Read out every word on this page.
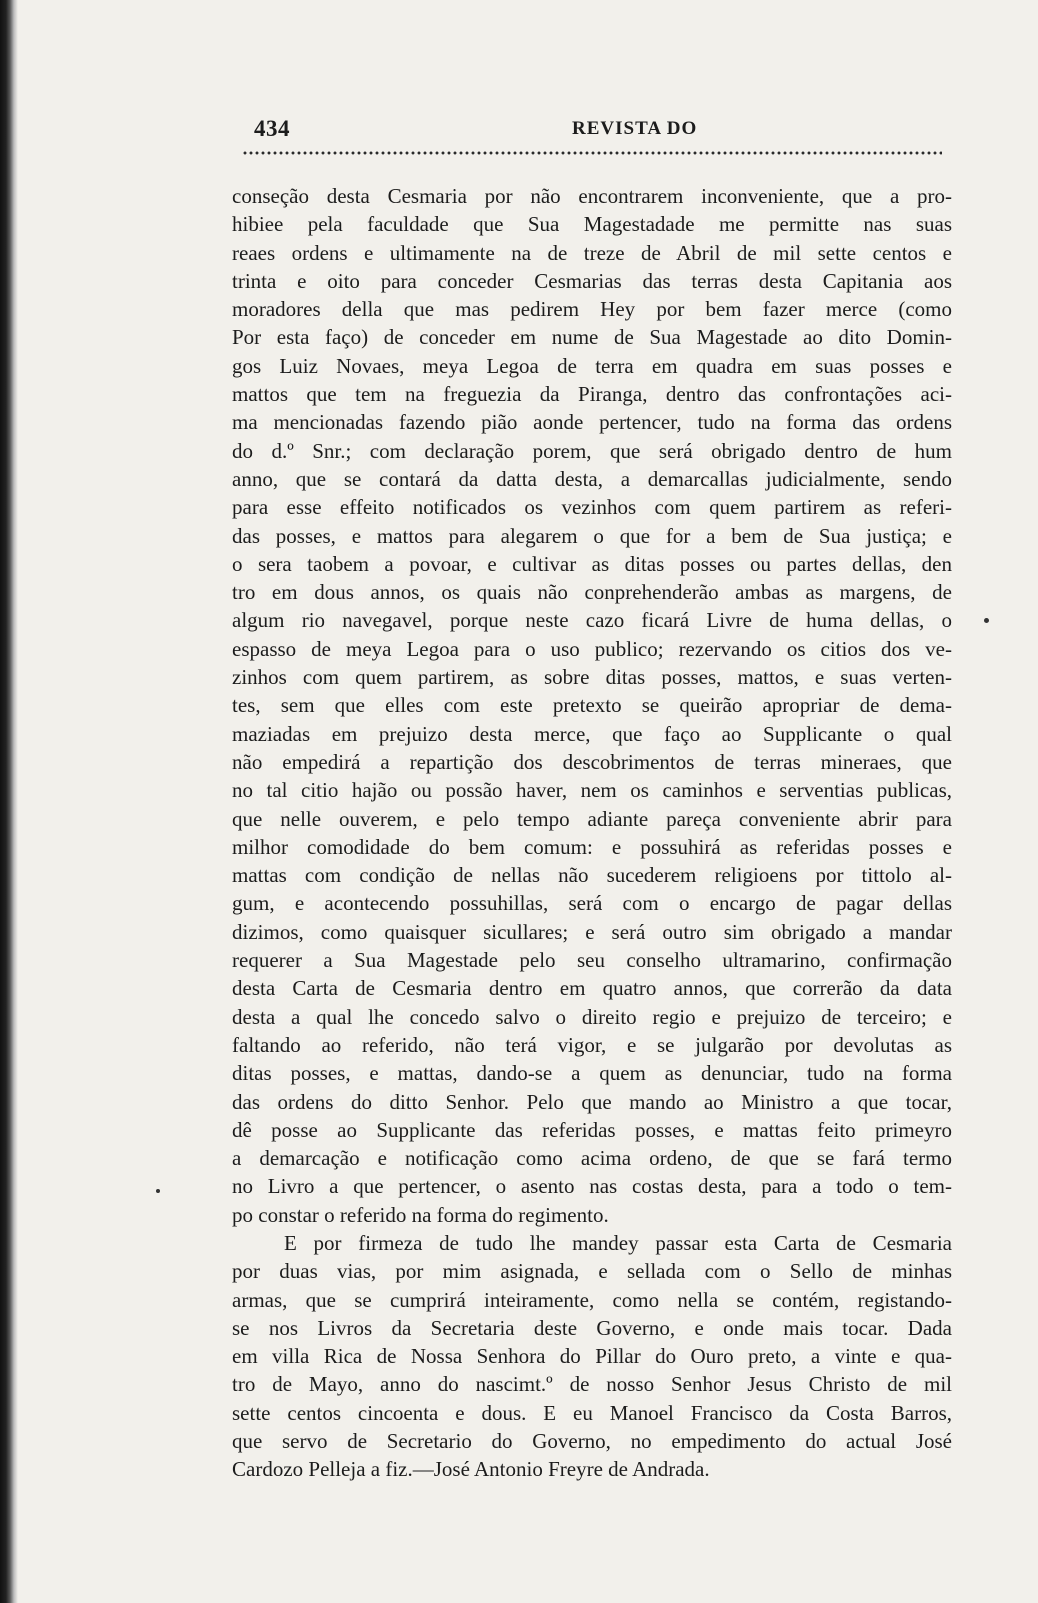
434	REVISTA DO
conseção desta Cesmaria por não encontrarem inconveniente, que a pro-
hibiee pela faculdade que Sua Magestadade me permitte nas suas
reaes ordens e ultimamente na de treze de Abril de mil sette centos e
trinta e oito para conceder Cesmarias das terras desta Capitania aos
moradores della que mas pedirem Hey por bem fazer merce (como
Por esta faço) de conceder em nume de Sua Magestade ao dito Domin-
gos Luiz Novaes, meya Legoa de terra em quadra em suas posses e
mattos que tem na freguezia da Piranga, dentro das confrontações aci-
ma mencionadas fazendo pião aonde pertencer, tudo na forma das ordens
do d.º Snr.; com declaração porem, que será obrigado dentro de hum
anno, que se contará da datta desta, a demarcallas judicialmente, sendo
para esse effeito notificados os vezinhos com quem partirem as referi-
das posses, e mattos para alegarem o que for a bem de Sua justiça; e
o sera taobem a povoar, e cultivar as ditas posses ou partes dellas, den
tro em dous annos, os quais não conprehenderão ambas as margens, de
algum rio navegavel, porque neste cazo ficará Livre de huma dellas, o
espasso de meya Legoa para o uso publico; rezervando os citios dos ve-
zinhos com quem partirem, as sobre ditas posses, mattos, e suas verten-
tes, sem que elles com este pretexto se queirão apropriar de dema-
maziadas em prejuizo desta merce, que faço ao Supplicante o qual
não empedirá a repartição dos descobrimentos de terras mineraes, que
no tal citio hajão ou possão haver, nem os caminhos e serventias publicas,
que nelle ouverem, e pelo tempo adiante pareça conveniente abrir para
milhor comodidade do bem comum: e possuhirá as referidas posses e
mattas com condição de nellas não sucederem religioens por tittolo al-
gum, e acontecendo possuhillas, será com o encargo de pagar dellas
dizimos, como quaisquer sicullares; e será outro sim obrigado a mandar
requerer a Sua Magestade pelo seu conselho ultramarino, confirmação
desta Carta de Cesmaria dentro em quatro annos, que correrão da data
desta a qual lhe concedo salvo o direito regio e prejuizo de terceiro; e
faltando ao referido, não terá vigor, e se julgarão por devolutas as
ditas posses, e mattas, dando-se a quem as denunciar, tudo na forma
das ordens do ditto Senhor. Pelo que mando ao Ministro a que tocar,
dê posse ao Supplicante das referidas posses, e mattas feito primeyro
a demarcação e notificação como acima ordeno, de que se fará termo
no Livro a que pertencer, o asento nas costas desta, para a todo o tem-
po constar o referido na forma do regimento.
E por firmeza de tudo lhe mandey passar esta Carta de Cesmaria
por duas vias, por mim asignada, e sellada com o Sello de minhas
armas, que se cumprirá inteiramente, como nella se contém, registando-
se nos Livros da Secretaria deste Governo, e onde mais tocar. Dada
em villa Rica de Nossa Senhora do Pillar do Ouro preto, a vinte e qua-
tro de Mayo, anno do nascimt.º de nosso Senhor Jesus Christo de mil
sette centos cincoenta e dous. E eu Manoel Francisco da Costa Barros,
que servo de Secretario do Governo, no empedimento do actual José
Cardozo Pelleja a fiz.—José Antonio Freyre de Andrada.
